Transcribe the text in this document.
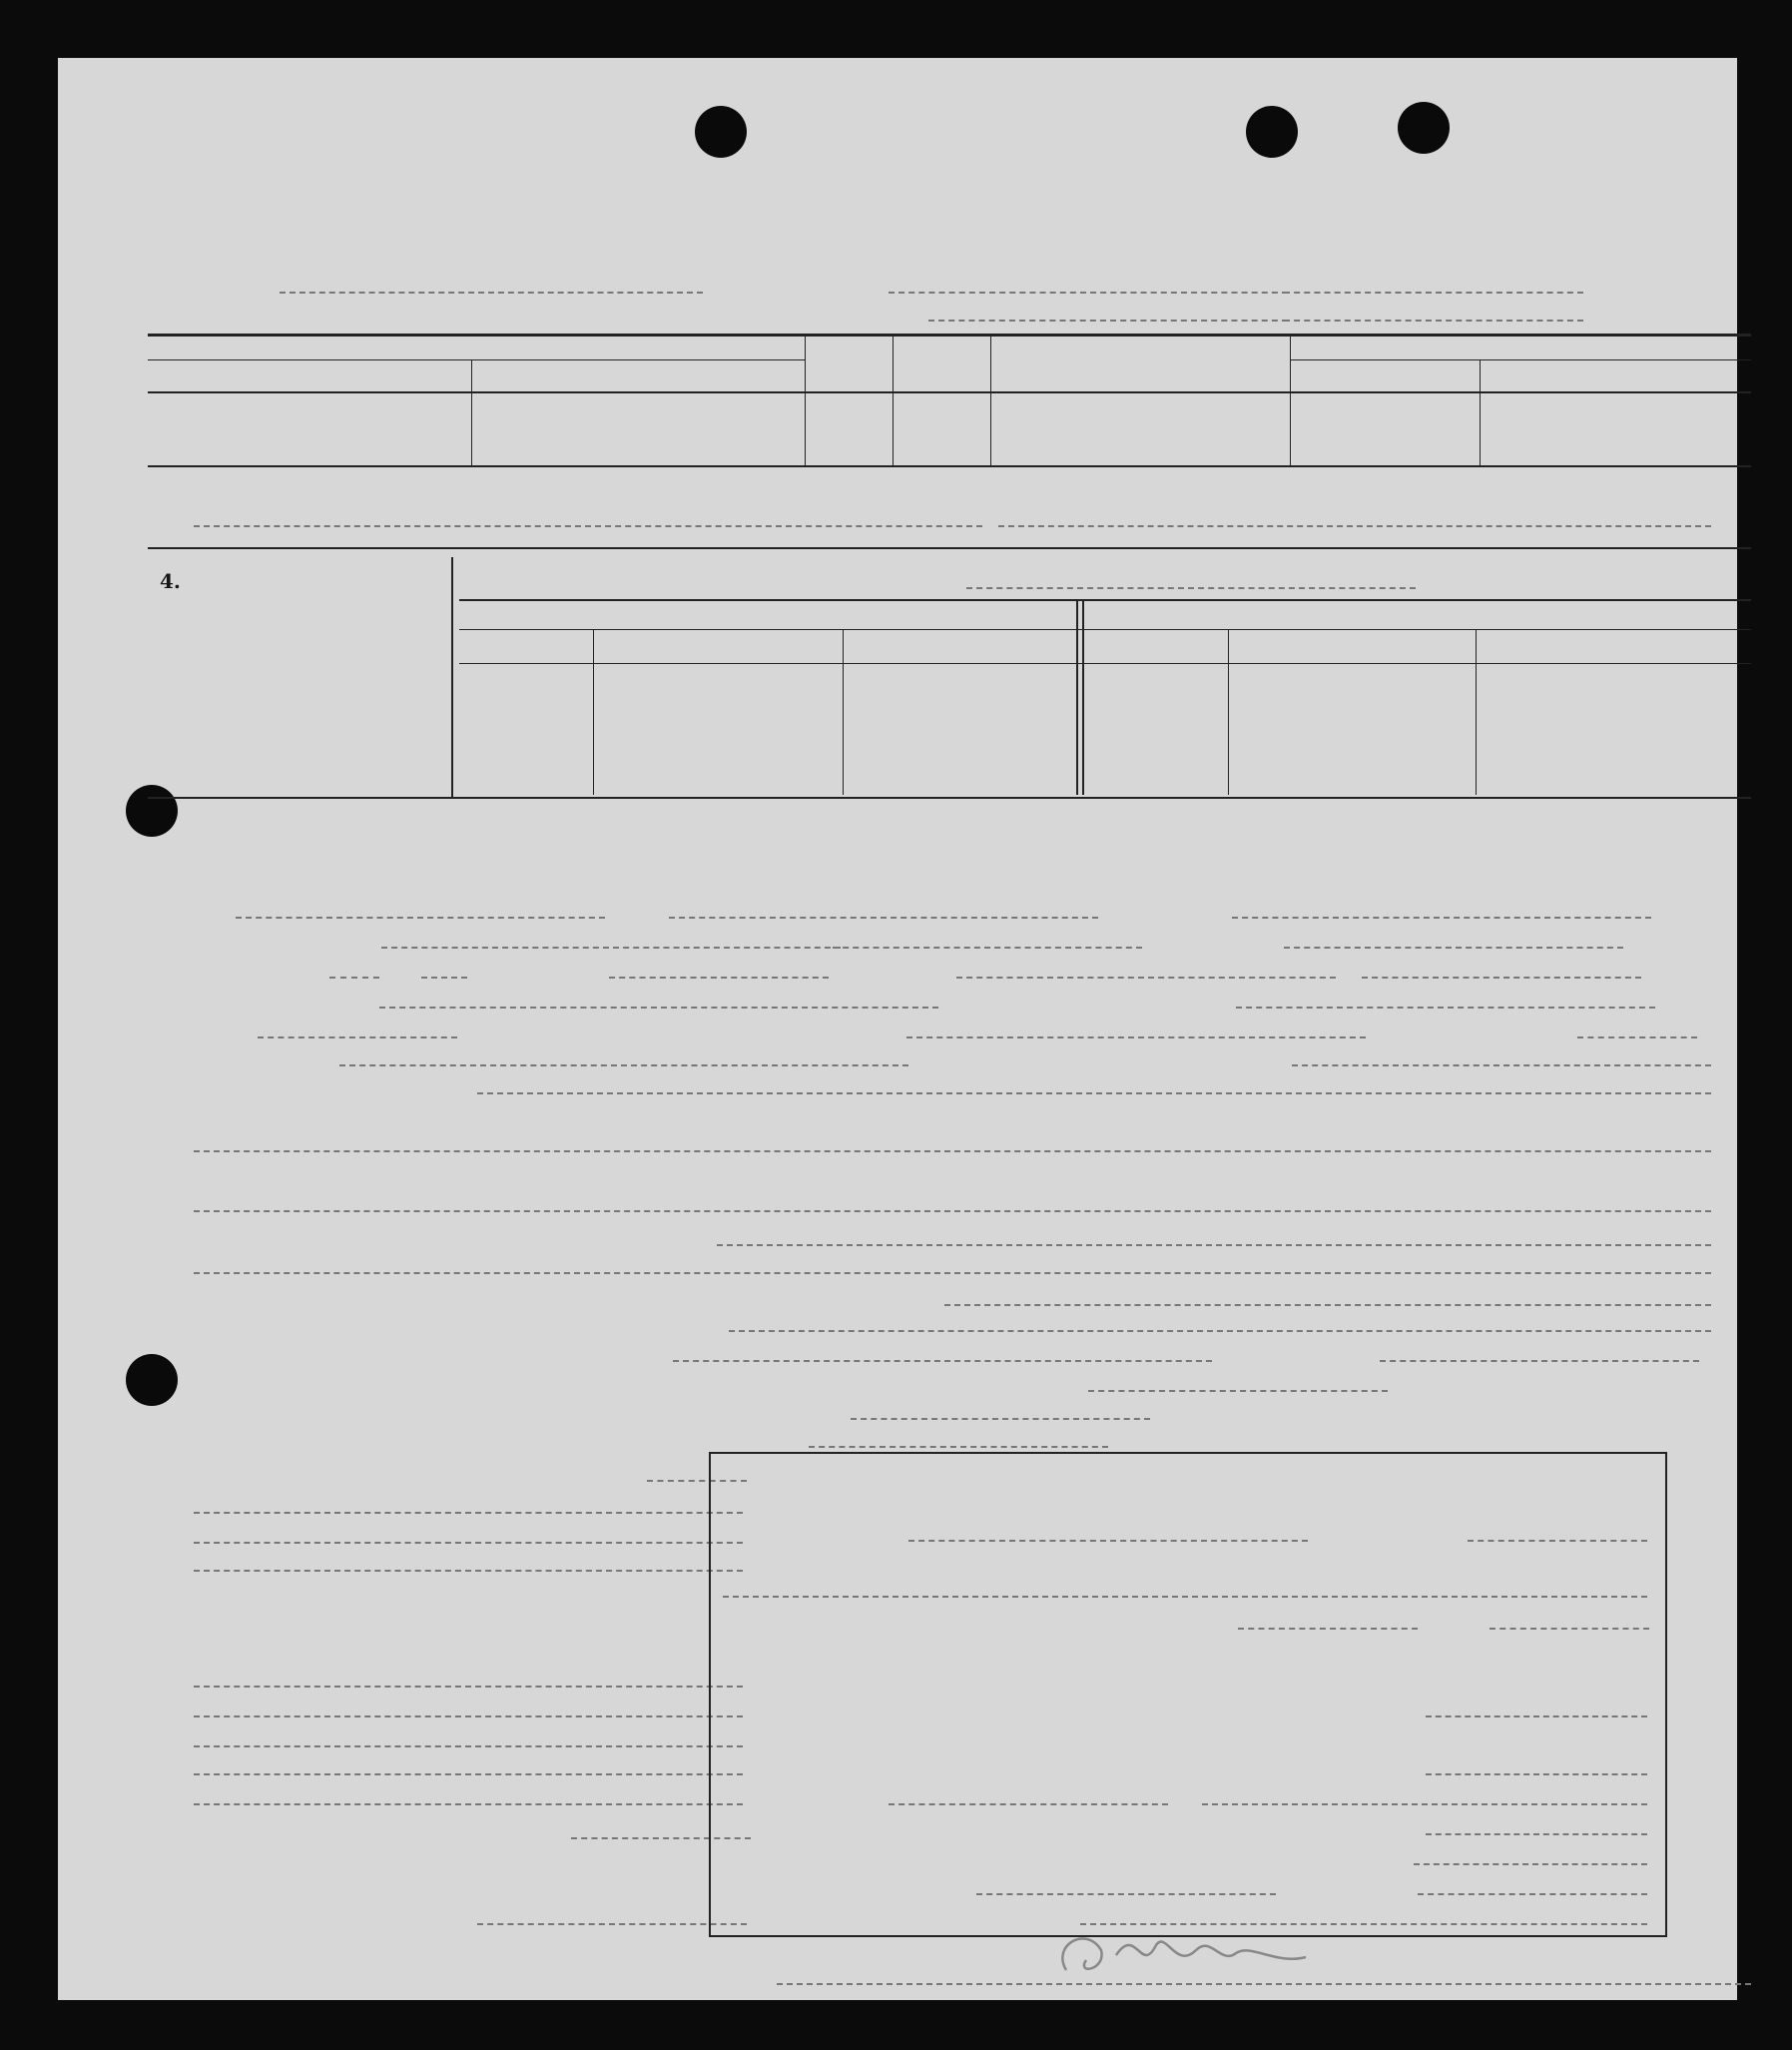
4.
